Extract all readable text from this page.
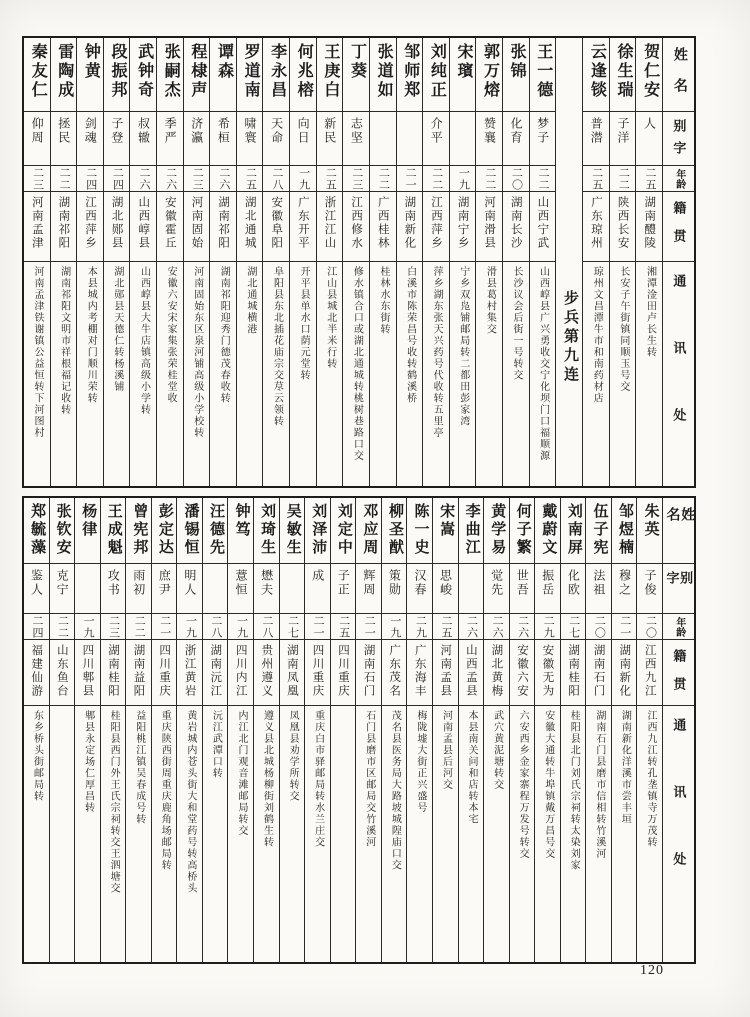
姓名
别字
年龄
籍贯
通讯处
贺仁安
人
二五
湖南醴陵
湘潭淦田卢长生转
徐生瑞
子洋
二二
陕西长安
长安子午街镇同顺玉号交
云逢锬
普潜
二五
广东琼州
琼州文昌潭牛市和南药材店
步兵第九连
王一德
梦子
二二
山西宁武
山西崞县广兴勇收交宁化坝门口福顺源
张锦
化育
二〇
湖南长沙
长沙议会后街一号转交
郭万熔
赞襄
二二
河南滑县
滑县葛村集交
宋璸
一九
湖南宁乡
宁乡双凫铺邮局转二都田彭家湾
刘纯正
介平
二二
江西萍乡
萍乡湖东张天兴药号代收转五里亭
邹师郑
二一
湖南新化
白溪市陈荣昌号收转鹤溪桥
张道如
二二
广西桂林
桂林水东街转
丁葵
志坚
二三
江西修水
修水镇合口或湖北通城转桃树巷路口交
王庚白
新民
二五
浙江江山
江山县城北半米行转
何兆榕
向日
一九
广东开平
开平县单水口荫元堂转
李永昌
天命
二八
安徽阜阳
阜阳县东北插花庙宗交荩云领转
罗道南
啸寰
二五
湖北通城
湖北通城横港
谭森
希桓
二六
湖南祁阳
湖南祁阳迎秀门德茂春收转
程棣声
济瀛
二三
河南固始
河南固始东区泉河铺高级小学校转
张嗣杰
季严
二六
安徽霍丘
安徽六安宋家集张荣桂堂收
武钟奇
叔辙
二六
山西崞县
山西崞县大牛店镇高级小学转
段振邦
子登
二四
湖北郧县
湖北郧县天德仁转杨溪铺
钟黄
剑魂
二四
江西萍乡
本县城内考棚对门顺川荣转
雷陶成
拯民
二二
湖南祁阳
湖南祁阳文明市祥根福记收转
秦友仁
仰周
二三
河南孟津
河南孟津铁谢镇公益恒转下河图村
姓名
别字
年龄
籍贯
通讯处
朱英
子俊
二〇
江西九江
江西九江转孔垄镇寺万茂转
邹煜楠
穆之
二一
湖南新化
湖南新化洋溪市尝丰垣
伍子宪
法祖
二〇
湖南石门
湖南石门县磨市信相转竹溪河
刘南屏
化欧
二七
湖南桂阳
桂阳县北门刘氏宗祠转太染刘家
戴蔚文
振岳
二九
安徽无为
安徽大通转牛埠镇戴万昌号交
何子繁
世吾
二六
安徽六安
六安西乡金家寨程万发号转交
黄学易
觉先
二六
湖北黄梅
武穴黄泥塘转交
李曲江
二六
山西孟县
本县南关问和店转本宅
宋嵩
思峻
二五
河南孟县
河南孟县后河交
陈一史
汉春
二九
广东海丰
梅陇墟大街正兴盛号
柳圣猷
策勋
一九
广东茂名
茂名县医务局大路坡城隍庙口交
邓应周
辉周
二一
湖南石门
石门县磨市区邮局交竹溪河
刘定中
子正
二五
四川重庆
刘泽沛
成
二一
四川重庆
重庆白市驿邮局转水兰庄交
吴敏生
二七
湖南凤凰
凤凰县劝学所转交
刘琦生
懋夫
二八
贵州遵义
遵义县北城杨柳街刘鹤生转
钟笃
薏恒
一九
四川内江
内江北门观音滩邮局转交
汪德先
二八
湖南沅江
沅江武潭口转
潘锡恒
明人
一九
浙江黄岩
黄岩城内苍头街大和堂药号转高桥头
彭定达
庶尹
二一
四川重庆
重庆陕西街周重庆鹿角场邮局转
曾宪邦
雨初
二二
湖南益阳
益阳桃江镇吴春成号转
王成魁
攻书
二三
湖南桂阳
桂阳县西门外王氏宗祠转交王泗塘交
杨律
一九
四川郫县
郫县永定场仁厚昌转
张钦安
克宁
二二
山东鱼台
郑毓藻
鉴人
二四
福建仙游
东乡桥头街邮局转
120
